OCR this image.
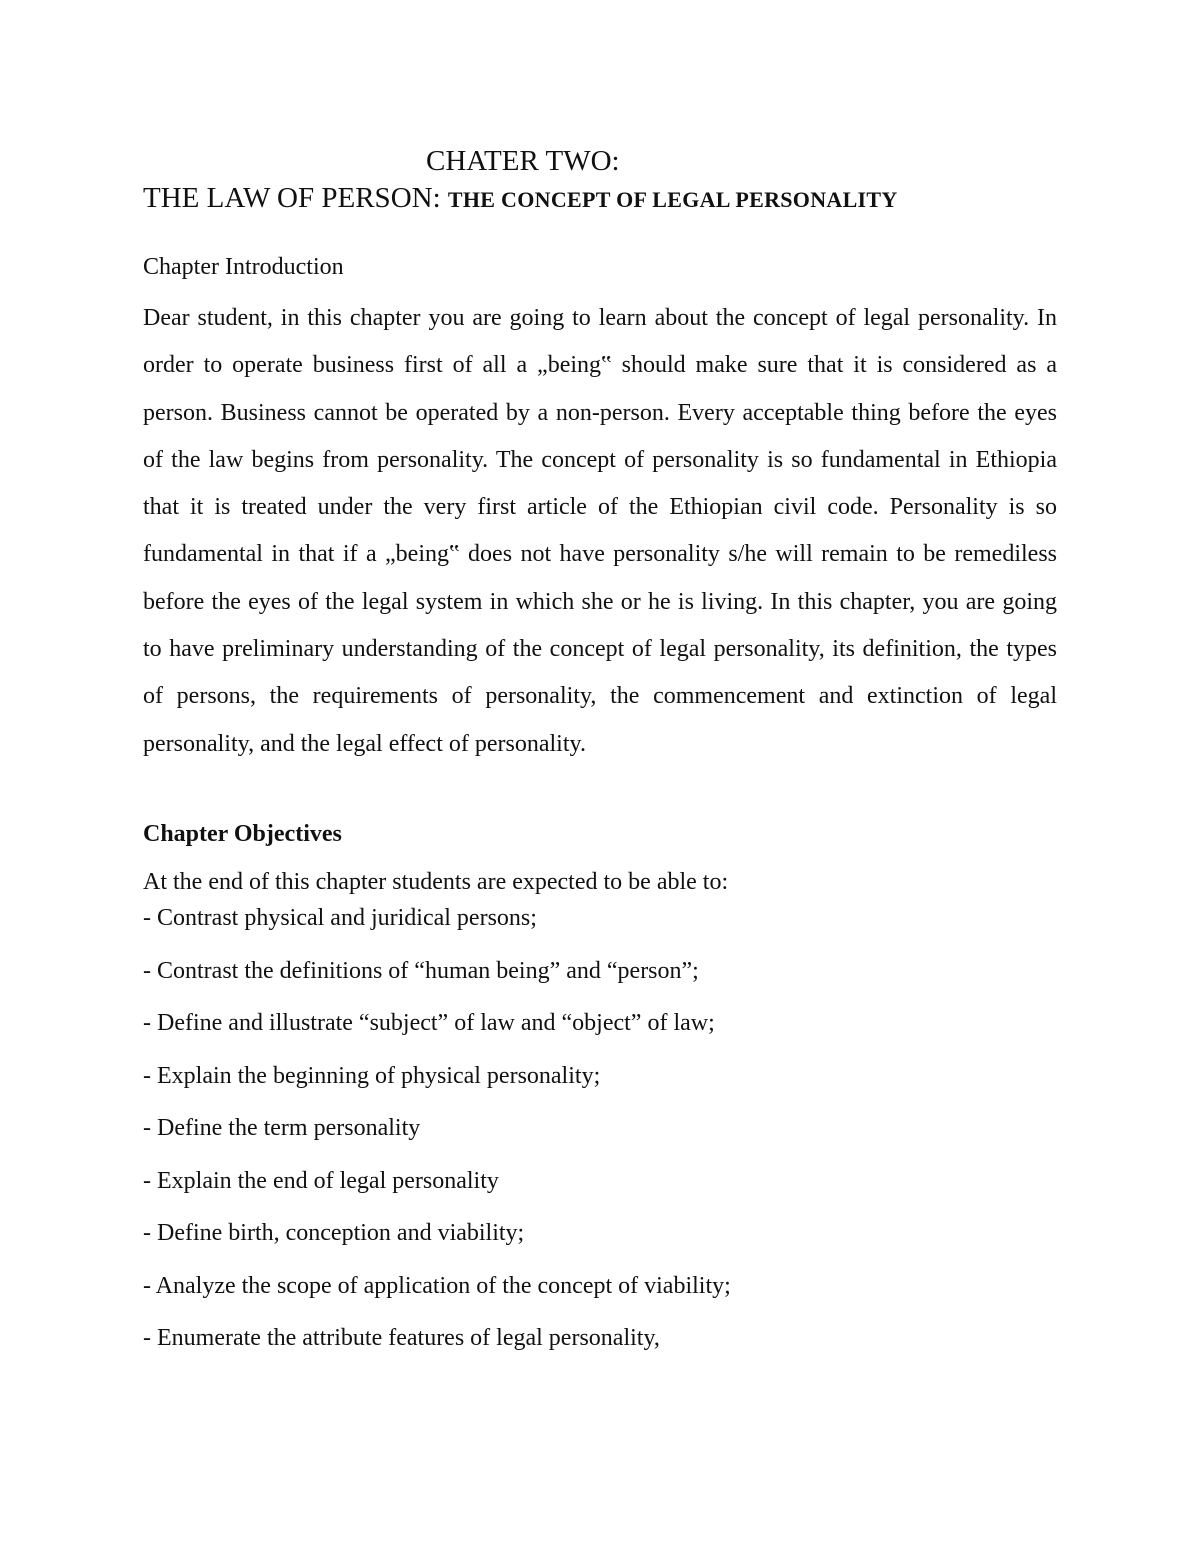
CHATER TWO:
THE LAW OF PERSON: THE CONCEPT OF LEGAL PERSONALITY
Chapter Introduction

Dear student, in this chapter you are going to learn about the concept of legal personality. In order to operate business first of all a „being‟ should make sure that it is considered as a person. Business cannot be operated by a non-person. Every acceptable thing before the eyes of the law begins from personality. The concept of personality is so fundamental in Ethiopia that it is treated under the very first article of the Ethiopian civil code. Personality is so fundamental in that if a „being‟ does not have personality s/he will remain to be remediless before the eyes of the legal system in which she or he is living. In this chapter, you are going to have preliminary understanding of the concept of legal personality, its definition, the types of persons, the requirements of personality, the commencement and extinction of legal personality, and the legal effect of personality.

Chapter Objectives

At the end of this chapter students are expected to be able to:

- Contrast physical and juridical persons;
- Contrast the definitions of “human being” and “person”;
- Define and illustrate “subject” of law and “object” of law;
- Explain the beginning of physical personality;
- Define the term personality
- Explain the end of legal personality
- Define birth, conception and viability;
- Analyze the scope of application of the concept of viability;
- Enumerate the attribute features of legal personality,
